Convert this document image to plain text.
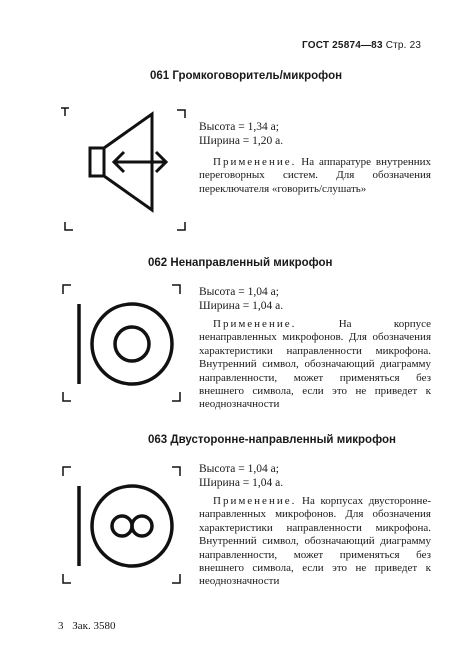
ГОСТ 25874—83 Стр. 23
061 Громкоговоритель/микрофон
Высота = 1,34 a;
Ширина = 1,20 a.
Применение. На аппаратуре внутренних переговорных систем. Для обозначения переключателя «говорить/слушать»
062 Ненаправленный микрофон
Высота = 1,04 a;
Ширина = 1,04 a.
Применение.	На корпусе ненаправленных микрофонов. Для обозначения характеристики направленности микрофона. Внутренний символ, обозначающий диаграмму направленности, может применяться без внешнего символа, если это не приведет к неоднозначности
063 Двусторонне-направленный микрофон
Высота = 1,04 a;
Ширина = 1,04 a.
Применение. На корпусах двусторонне-направленных микрофонов. Для обозначения характеристики направленности микрофона. Внутренний символ, обозначающий диаграмму направленности, может применяться без внешнего символа, если это не приведет к неоднозначности
3 Зак. 3580
